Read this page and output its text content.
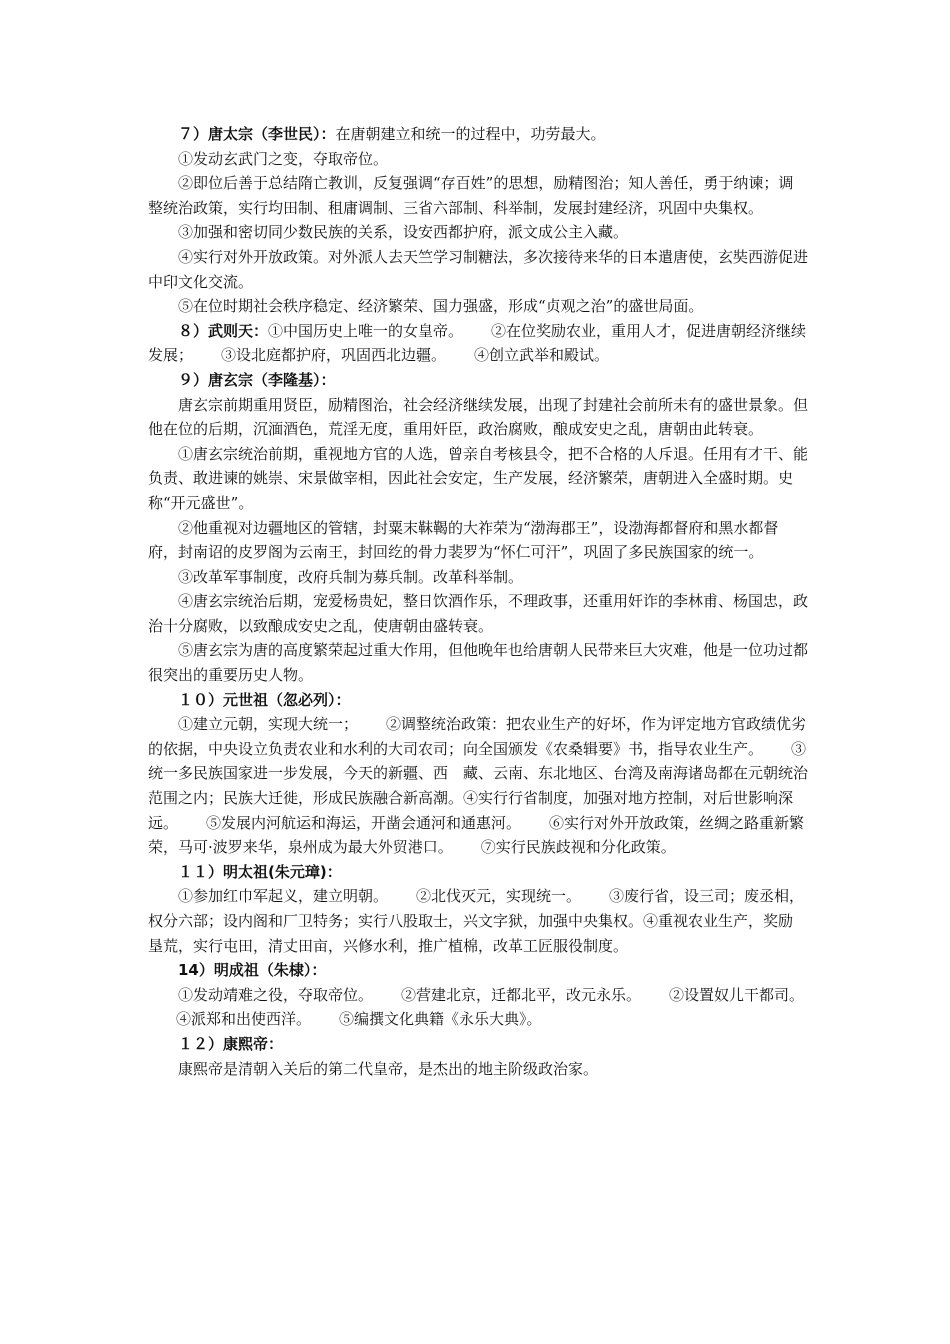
７）唐太宗（李世民）：在唐朝建立和统一的过程中，功劳最大。

①发动玄武门之变，夺取帝位。

②即位后善于总结隋亡教训，反复强调“存百姓”的思想，励精图治；知人善任，勇于纳谏；调整统治政策，实行均田制、租庸调制、三省六部制、科举制，发展封建经济，巩固中央集权。

③加强和密切同少数民族的关系，设安西都护府，派文成公主入藏。

④实行对外开放政策。对外派人去天竺学习制糖法，多次接待来华的日本遣唐使，玄奘西游促进中印文化交流。

⑤在位时期社会秩序稳定、经济繁荣、国力强盛，形成“贞观之治”的盛世局面。

８）武则天：①中国历史上唯一的女皇帝。 ②在位奖励农业，重用人才，促进唐朝经济继续发展； ③设北庭都护府，巩固西北边疆。 ④创立武举和殿试。

９）唐玄宗（李隆基）：

唐玄宗前期重用贤臣，励精图治，社会经济继续发展，出现了封建社会前所未有的盛世景象。但他在位的后期，沉湎酒色，荒淫无度，重用奸臣，政治腐败，酿成安史之乱，唐朝由此转衰。

①唐玄宗统治前期，重视地方官的人选，曾亲自考核县令，把不合格的人斥退。任用有才干、能负责、敢进谏的姚崇、宋景做宰相，因此社会安定，生产发展，经济繁荣，唐朝进入全盛时期。史称“开元盛世”。

②他重视对边疆地区的管辖，封粟末靺鞨的大祚荣为“渤海郡王”，设渤海都督府和黑水都督府，封南诏的皮罗阁为云南王，封回纥的骨力裴罗为“怀仁可汗”，巩固了多民族国家的统一。

③改革军事制度，改府兵制为募兵制。改革科举制。

④唐玄宗统治后期，宠爱杨贵妃，整日饮酒作乐，不理政事，还重用奸诈的李林甫、杨国忠，政治十分腐败，以致酿成安史之乱，使唐朝由盛转衰。

⑤唐玄宗为唐的高度繁荣起过重大作用，但他晚年也给唐朝人民带来巨大灾难，他是一位功过都很突出的重要历史人物。

１０）元世祖（忽必列）：

①建立元朝，实现大统一； ②调整统治政策：把农业生产的好坏，作为评定地方官政绩优劣的依据，中央设立负责农业和水利的大司农司；向全国颁发《农桑辑要》书，指导农业生产。 ③统一多民族国家进一步发展，今天的新疆、西　藏、云南、东北地区、台湾及南海诸岛都在元朝统治范围之内；民族大迁徙，形成民族融合新高潮。④实行行省制度，加强对地方控制，对后世影响深远。 ⑤发展内河航运和海运，开凿会通河和通惠河。 ⑥实行对外开放政策，丝绸之路重新繁荣，马可·波罗来华，泉州成为最大外贸港口。 ⑦实行民族歧视和分化政策。

１１）明太祖(朱元璋)：

①参加红巾军起义，建立明朝。 ②北伐灭元，实现统一。 ③废行省，设三司；废丞相，权分六部；设内阁和厂卫特务；实行八股取士，兴文字狱，加强中央集权。④重视农业生产，奖励垦荒，实行屯田，清丈田亩，兴修水利，推广植棉，改革工匠服役制度。

14）明成祖（朱棣）：

①发动靖难之役，夺取帝位。 ②营建北京，迁都北平，改元永乐。 ②设置奴儿干都司。④派郑和出使西洋。 ⑤编撰文化典籍《永乐大典》。

１２）康熙帝：

康熙帝是清朝入关后的第二代皇帝，是杰出的地主阶级政治家。
